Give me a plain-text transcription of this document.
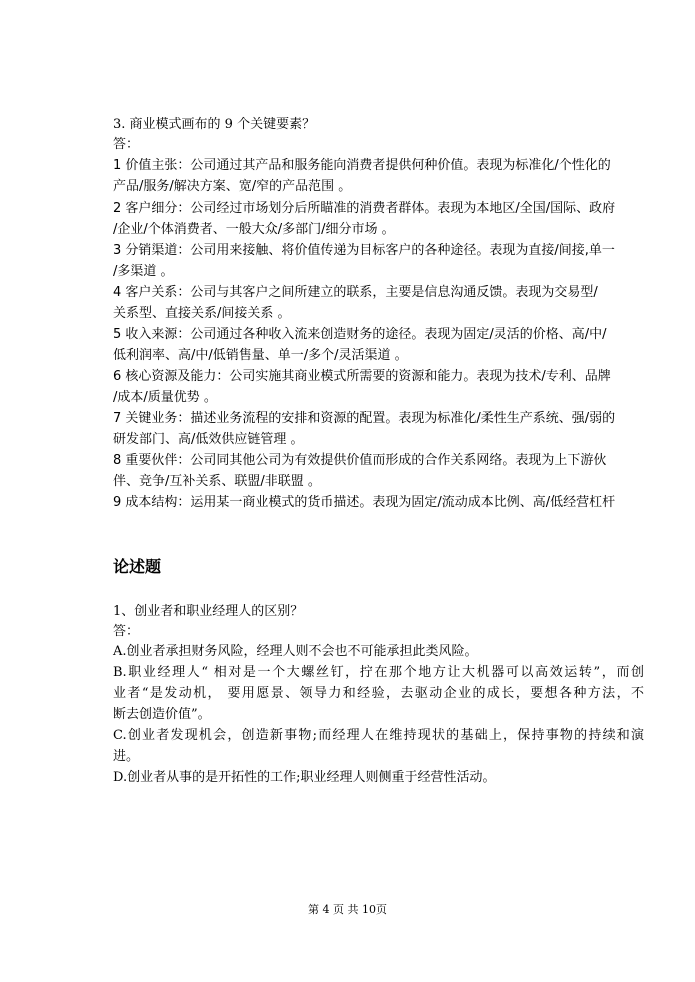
3. 商业模式画布的 9 个关键要素？
答：
1 价值主张：公司通过其产品和服务能向消费者提供何种价值。表现为标准化/个性化的
产品/服务/解决方案、宽/窄的产品范围 。
2 客户细分：公司经过市场划分后所瞄准的消费者群体。表现为本地区/全国/国际、政府
/企业/个体消费者、一般大众/多部门/细分市场 。
3 分销渠道：公司用来接触、将价值传递为目标客户的各种途径。表现为直接/间接,单一
/多渠道 。
4 客户关系：公司与其客户之间所建立的联系，主要是信息沟通反馈。表现为交易型/
关系型、直接关系/间接关系 。
5 收入来源：公司通过各种收入流来创造财务的途径。表现为固定/灵活的价格、高/中/
低利润率、高/中/低销售量、单一/多个/灵活渠道 。
6 核心资源及能力：公司实施其商业模式所需要的资源和能力。表现为技术/专利、品牌
/成本/质量优势 。
7 关键业务：描述业务流程的安排和资源的配置。表现为标准化/柔性生产系统、强/弱的
研发部门、高/低效供应链管理 。
8 重要伙伴：公司同其他公司为有效提供价值而形成的合作关系网络。表现为上下游伙
伴、竞争/互补关系、联盟/非联盟 。
9 成本结构：运用某一商业模式的货币描述。表现为固定/流动成本比例、高/低经营杠杆
论述题
1、创业者和职业经理人的区别？
答：
A.创业者承担财务风险，经理人则不会也不可能承担此类风险。
B.职业经理人“ 相对是一个大螺丝钉，拧在那个地方让大机器可以高效运转”，而创
业者“是发动机， 要用愿景、领导力和经验，去驱动企业的成长，要想各种方法，不
断去创造价值”。
C.创业者发现机会，创造新事物;而经理人在维持现状的基础上，保持事物的持续和演
进。
D.创业者从事的是开拓性的工作;职业经理人则侧重于经营性活动。
第 4 页 共 10页
